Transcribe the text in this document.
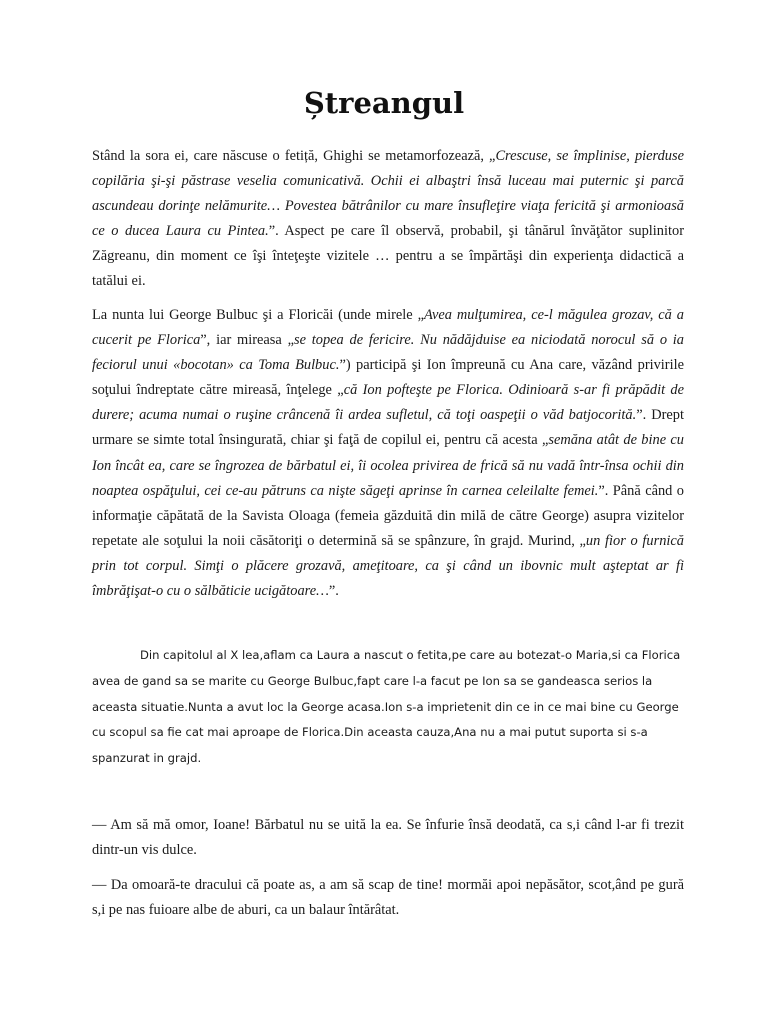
Ștreangul
Stând la sora ei, care născuse o fetiță, Ghighi se metamorfozează, „Crescuse, se împlinise, pierduse copilăria şi-şi păstrase veselia comunicativă. Ochii ei albaştri însă luceau mai puternic şi parcă ascundeau dorinţe nelămurite… Povestea bătrânilor cu mare însufleţire viaţa fericită şi armonioasă ce o ducea Laura cu Pintea.”. Aspect pe care îl observă, probabil, şi tânărul învăţător suplinitor Zăgreanu, din moment ce îşi înteţeşte vizitele … pentru a se împărtăşi din experienţa didactică a tatălui ei.
La nunta lui George Bulbuc şi a Floricăi (unde mirele „Avea mulţumirea, ce-l măgulea grozav, că a cucerit pe Florica”, iar mireasa „se topea de fericire. Nu nădăjduise ea niciodată norocul să o ia feciorul unui «bocotan» ca Toma Bulbuc.”) participă şi Ion împreună cu Ana care, văzând privirile soţului îndreptate către mireasă, înţelege „că Ion pofteşte pe Florica. Odinioară s-ar fi prăpădit de durere; acuma numai o ruşine crâncenă îi ardea sufletul, că toţi oaspeţii o văd batjocorită.”. Drept urmare se simte total însingurată, chiar şi faţă de copilul ei, pentru că acesta „semăna atât de bine cu Ion încât ea, care se îngrozea de bărbatul ei, îi ocolea privirea de frică să nu vadă într-însa ochii din noaptea ospăţului, cei ce-au pătruns ca nişte săgeţi aprinse în carnea celeilalte femei.”. Până când o informaţie căpătată de la Savista Oloaga (femeia găzduită din milă de către George) asupra vizitelor repetate ale soţului la noii căsătoriţi o determină să se spânzure, în grajd. Murind, „un fior o furnică prin tot corpul. Simţi o plăcere grozavă, ameţitoare, ca şi când un ibovnic mult aşteptat ar fi îmbrăţişat-o cu o sălbăticie ucigătoare…”.
Din capitolul al X lea,aflam ca Laura a nascut o fetita,pe care au botezat-o Maria,si ca Florica avea de gand sa se marite cu George Bulbuc,fapt care l-a facut pe Ion sa se gandeasca serios la aceasta situatie.Nunta a avut loc la George acasa.Ion s-a imprietenit din ce in ce mai bine cu George cu scopul sa fie cat mai aproape de Florica.Din aceasta cauza,Ana nu a mai putut suporta si s-a spanzurat in grajd.
— Am să mă omor, Ioane! Bărbatul nu se uită la ea. Se înfurie însă deodată, ca s,i când l-ar fi trezit dintr-un vis dulce.
— Da omoară-te dracului că poate as, a am să scap de tine! mormăi apoi nepăsător, scot,ând pe gură s,i pe nas fuioare albe de aburi, ca un balaur întărâtat.
